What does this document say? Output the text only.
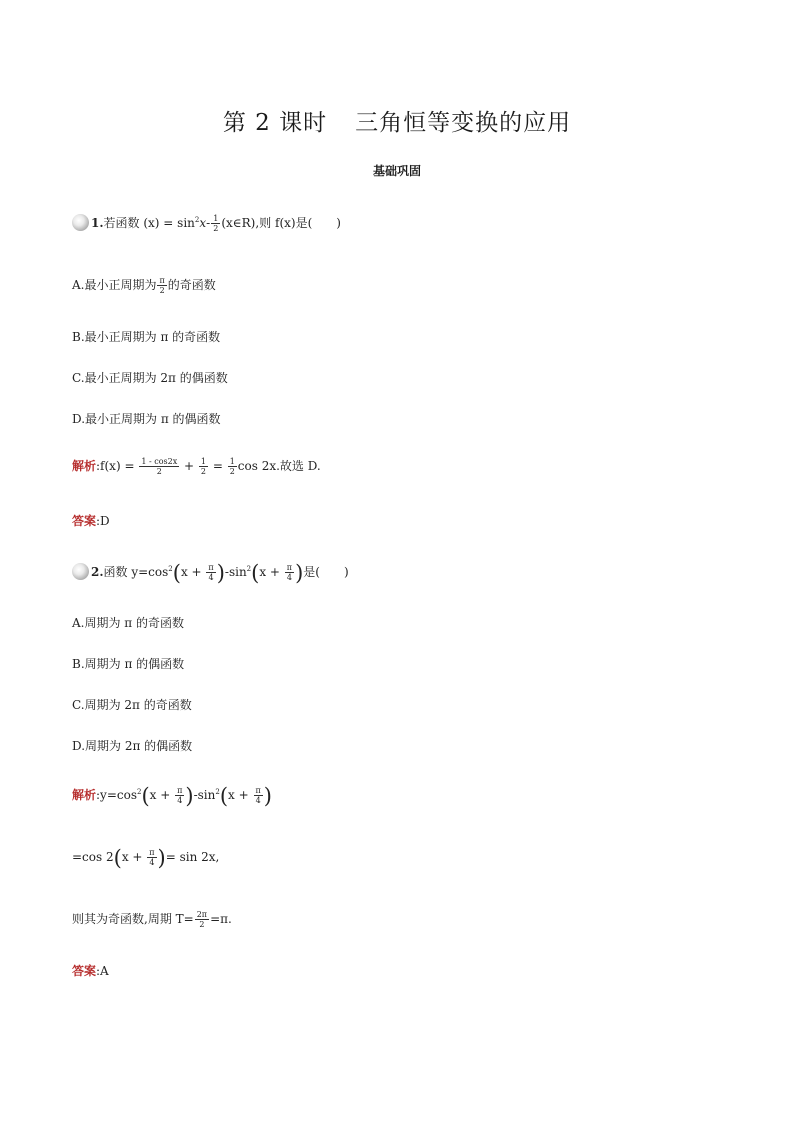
第 2 课时 三角恒等变换的应用
基础巩固
1.若函数 $(x) = \sin^2x- \frac{1}{2}$ (x∈R),则 f(x)是(　　)
A.最小正周期为 $\frac{\pi}{2}$ 的奇函数
B.最小正周期为 π 的奇函数
C.最小正周期为 2π 的偶函数
D.最小正周期为 π 的偶函数
解析:f(x) = $\frac{1 - \cos 2x}{2} + \frac{1}{2} = \frac{1}{2}$ cos 2x.故选 D.
答案:D
2.函数 $y=\cos^2(x + \frac{\pi}{4} )-\sin^2(x + \frac{\pi}{4}$ )是(　　)
A.周期为 π 的奇函数
B.周期为 π 的偶函数
C.周期为 2π 的奇函数
D.周期为 2π 的偶函数
解析$:y=\cos^2(x + \frac{\pi}{4} )-\sin^2(x + \frac{\pi}{4}$ )
=cos $2(x + \frac{\pi}{4}$ )= sin 2x,
则其为奇函数,周期 $T= \frac{2\pi}{2} =\pi$.
答案:A
